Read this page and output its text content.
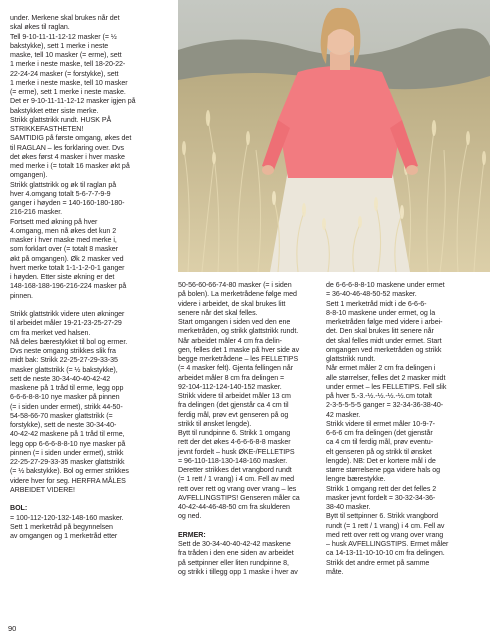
under. Merkene skal brukes når det

skal økes til raglan.

Tell 9-10-11-11-12-12 masker (= ½

bakstykke), sett 1 merke i neste

maske, tell 10 masker (= erme), sett

1 merke i neste maske, tell 18-20-22-

22-24-24 masker (= forstykke), sett

1 merke i neste maske, tell 10 masker

(= erme), sett 1 merke i neste maske.

Det er 9-10-11-11-12-12 masker igjen på

bakstykket etter siste merke.

Strikk glattstrikk rundt. HUSK PÅ

STRIKKEFASTHETEN!

SAMTIDIG på første omgang, økes det

til RAGLAN – les forklaring over. Dvs

det økes først 4 masker i hver maske

med merke i (= totalt 16 masker økt på

omgangen).

Strikk glattstrikk og øk til raglan på

hver 4.omgang totalt 5-6-7-7-9-9

ganger i høyden = 140-160-180-180-

216-216 masker.

Fortsett med økning på hver

4.omgang, men nå økes det kun 2

masker i hver maske med merke i,

som forklart over (= totalt 8 masker

økt på omgangen). Øk 2 masker ved

hvert merke totalt 1-1-1-2-0-1 ganger

i høyden. Etter siste økning er det

148-168-188-196-216-224 masker på

pinnen.

Strikk glattstrikk videre uten økninger

til arbeidet måler 19-21-23-25-27-29

cm fra merket ved halsen.

Nå deles bærestykket til bol og ermer.

Dvs neste omgang strikkes slik fra

midt bak: Strikk 22-25-27-29-33-35

masker glattstrikk (= ½ bakstykke),

sett de neste 30-34-40-40-42-42

maskene på 1 tråd til erme, legg opp

6-6-6-8-8-10 nye masker på pinnen

(= i siden under ermet), strikk 44-50-

54-58-66-70 masker glattstrikk (=

forstykke), sett de neste 30-34-40-

40-42-42 maskene på 1 tråd til erme,

legg opp 6-6-6-8-8-10 nye masker på

pinnen (= i siden under ermet), strikk

22-25-27-29-33-35 masker glattstrikk

(= ½ bakstykke). Bol og ermer strikkes

videre hver for seg. HERFRA MÅLES

ARBEIDET VIDERE!

BOL:

= 100-112-120-132-148-160 masker.

Sett 1 merketråd på begynnelsen

av omgangen og 1 merketråd etter

50-56-60-66-74-80 masker (= i siden

på bolen). La merketrådene følge med

videre i arbeidet, de skal brukes litt

senere når det skal felles.

Start omgangen i siden ved den ene

merketråden, og strikk glattstrikk rundt.

Når arbeidet måler 4 cm fra delin-

gen, felles det 1 maske på hver side av

begge merketrådene – les FELLETIPS

(= 4 masker felt). Gjenta fellingen når

arbeidet måler 8 cm fra delingen =

92-104-112-124-140-152 masker.

Strikk videre til arbeidet måler 13 cm

fra delingen (det gjenstår ca 4 cm til

ferdig mål, prøv evt genseren på og

strikk til ønsket lengde).

Bytt til rundpinne 6. Strikk 1 omgang

rett der det økes 4-6-6-6-8-8 masker

jevnt fordelt – husk ØKE-/FELLETIPS

= 96-110-118-130-148-160 masker.

Deretter strikkes det vrangbord rundt

(= 1 rett / 1 vrang) i 4 cm. Fell av med

rett over rett og vrang over vrang – les

AVFELLINGSTIPS! Genseren måler ca

40-42-44-46-48-50 cm fra skulderen

og ned.

ERMER:

Sett de 30-34-40-40-42-42 maskene

fra tråden i den ene siden av arbeidet

på settpinner eller liten rundpinne 8,

og strikk i tillegg opp 1 maske i hver av

de 6-6-6-8-8-10 maskene under ermet

= 36-40-46-48-50-52 masker.

Sett 1 merketråd midt i de 6-6-6-

8-8-10 maskene under ermet, og la

merketråden følge med videre i arbei-

det. Den skal brukes litt senere når

det skal felles midt under ermet. Start

omgangen ved merketråden og strikk

glattstrikk rundt.

Når ermet måler 2 cm fra delingen i

alle størrelser, felles det 2 masker midt

under ermet – les FELLETIPS. Fell slik

på hver 5.-3.-½.-½.-½.-½.cm totalt

2-3-5-5-5-5 ganger = 32-34-36-38-40-

42 masker.

Strikk videre til ermet måler 10-9-7-

6-6-6 cm fra delingen (det gjenstår

ca 4 cm til ferdig mål, prøv eventu-

elt genseren på og strikk til ønsket

lengde). NB: Det er kortere mål i de

større størrelsene pga videre hals og

lengre bærestykke.

Strikk 1 omgang rett der det felles 2

masker jevnt fordelt = 30-32-34-36-

38-40 masker.

Bytt til settpinner 6. Strikk vrangbord

rundt (= 1 rett / 1 vrang) i 4 cm. Fell av

med rett over rett og vrang over vrang

– husk AVFELLINGSTIPS. Ermet måler

ca 14-13-11-10-10-10 cm fra delingen.

Strikk det andre ermet på samme

måte.

90
